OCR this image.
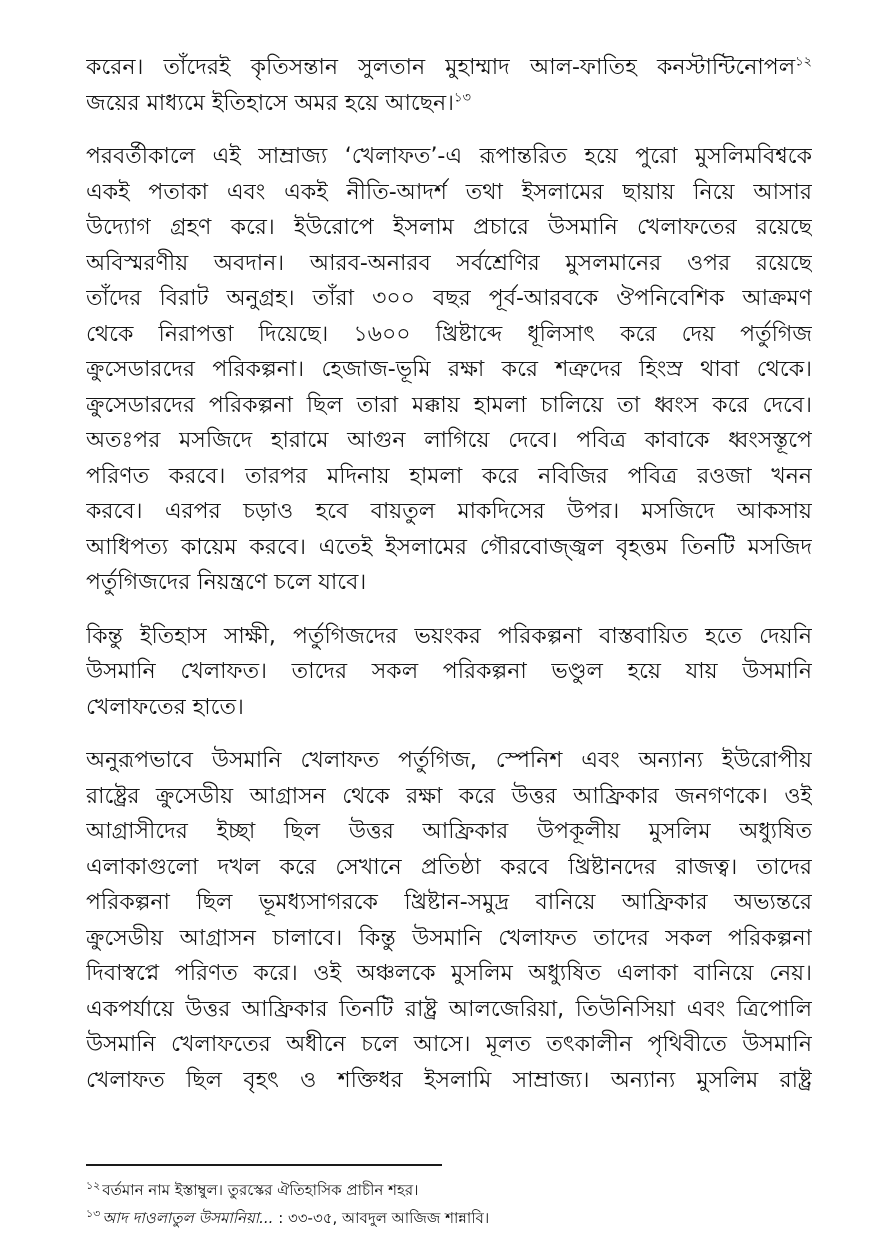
করেন। তাঁদেরই কৃতিসন্তান সুলতান মুহাম্মাদ আল-ফাতিহ কনস্টান্টিনোপল$^{১২}$
জয়ের মাধ্যমে ইতিহাসে অমর হয়ে আছেন।$^{১৩}$

পরবর্তীকালে এই সাম্রাজ্য ‘খেলাফত’-এ রূপান্তরিত হয়ে পুরো মুসলিমবিশ্বকে
একই পতাকা এবং একই নীতি-আদর্শ তথা ইসলামের ছায়ায় নিয়ে আসার
উদ্যোগ গ্রহণ করে। ইউরোপে ইসলাম প্রচারে উসমানি খেলাফতের রয়েছে
অবিস্মরণীয় অবদান। আরব-অনারব সর্বশ্রেণির মুসলমানের ওপর রয়েছে
তাঁদের বিরাট অনুগ্রহ। তাঁরা ৩০০ বছর পূর্ব-আরবকে ঔপনিবেশিক আক্রমণ
থেকে নিরাপত্তা দিয়েছে। ১৬০০ খ্রিষ্টাব্দে ধূলিসাৎ করে দেয় পর্তুগিজ
ক্রুসেডারদের পরিকল্পনা। হেজাজ-ভূমি রক্ষা করে শত্রুদের হিংস্র থাবা থেকে।
ক্রুসেডারদের পরিকল্পনা ছিল তারা মক্কায় হামলা চালিয়ে তা ধ্বংস করে দেবে।
অতঃপর মসজিদে হারামে আগুন লাগিয়ে দেবে। পবিত্র কাবাকে ধ্বংসস্তূপে
পরিণত করবে। তারপর মদিনায় হামলা করে নবিজির পবিত্র রওজা খনন
করবে। এরপর চড়াও হবে বায়তুল মাকদিসের উপর। মসজিদে আকসায়
আধিপত্য কায়েম করবে। এতেই ইসলামের গৌরবোজ্জ্বল বৃহত্তম তিনটি মসজিদ
পর্তুগিজদের নিয়ন্ত্রণে চলে যাবে।

কিন্তু ইতিহাস সাক্ষী, পর্তুগিজদের ভয়ংকর পরিকল্পনা বাস্তবায়িত হতে দেয়নি
উসমানি খেলাফত। তাদের সকল পরিকল্পনা ভণ্ডুল হয়ে যায় উসমানি
খেলাফতের হাতে।

অনুরূপভাবে উসমানি খেলাফত পর্তুগিজ, স্পেনিশ এবং অন্যান্য ইউরোপীয়
রাষ্ট্রের ক্রুসেডীয় আগ্রাসন থেকে রক্ষা করে উত্তর আফ্রিকার জনগণকে। ওই
আগ্রাসীদের ইচ্ছা ছিল উত্তর আফ্রিকার উপকূলীয় মুসলিম অধ্যুষিত
এলাকাগুলো দখল করে সেখানে প্রতিষ্ঠা করবে খ্রিষ্টানদের রাজত্ব। তাদের
পরিকল্পনা ছিল ভূমধ্যসাগরকে খ্রিষ্টান-সমুদ্র বানিয়ে আফ্রিকার অভ্যন্তরে
ক্রুসেডীয় আগ্রাসন চালাবে। কিন্তু উসমানি খেলাফত তাদের সকল পরিকল্পনা
দিবাস্বপ্নে পরিণত করে। ওই অঞ্চলকে মুসলিম অধ্যুষিত এলাকা বানিয়ে নেয়।
একপর্যায়ে উত্তর আফ্রিকার তিনটি রাষ্ট্র আলজেরিয়া, তিউনিসিয়া এবং ত্রিপোলি
উসমানি খেলাফতের অধীনে চলে আসে। মূলত তৎকালীন পৃথিবীতে উসমানি
খেলাফত ছিল বৃহৎ ও শক্তিধর ইসলামি সাম্রাজ্য। অন্যান্য মুসলিম রাষ্ট্র

$^{১২}$ বর্তমান নাম ইস্তাম্বুল। তুরস্কের ঐতিহাসিক প্রাচীন শহর।
$^{১৩}$ আদ দাওলাতুল উসমানিয়া... : ৩৩-৩৫, আবদুল আজিজ শান্নাবি।
